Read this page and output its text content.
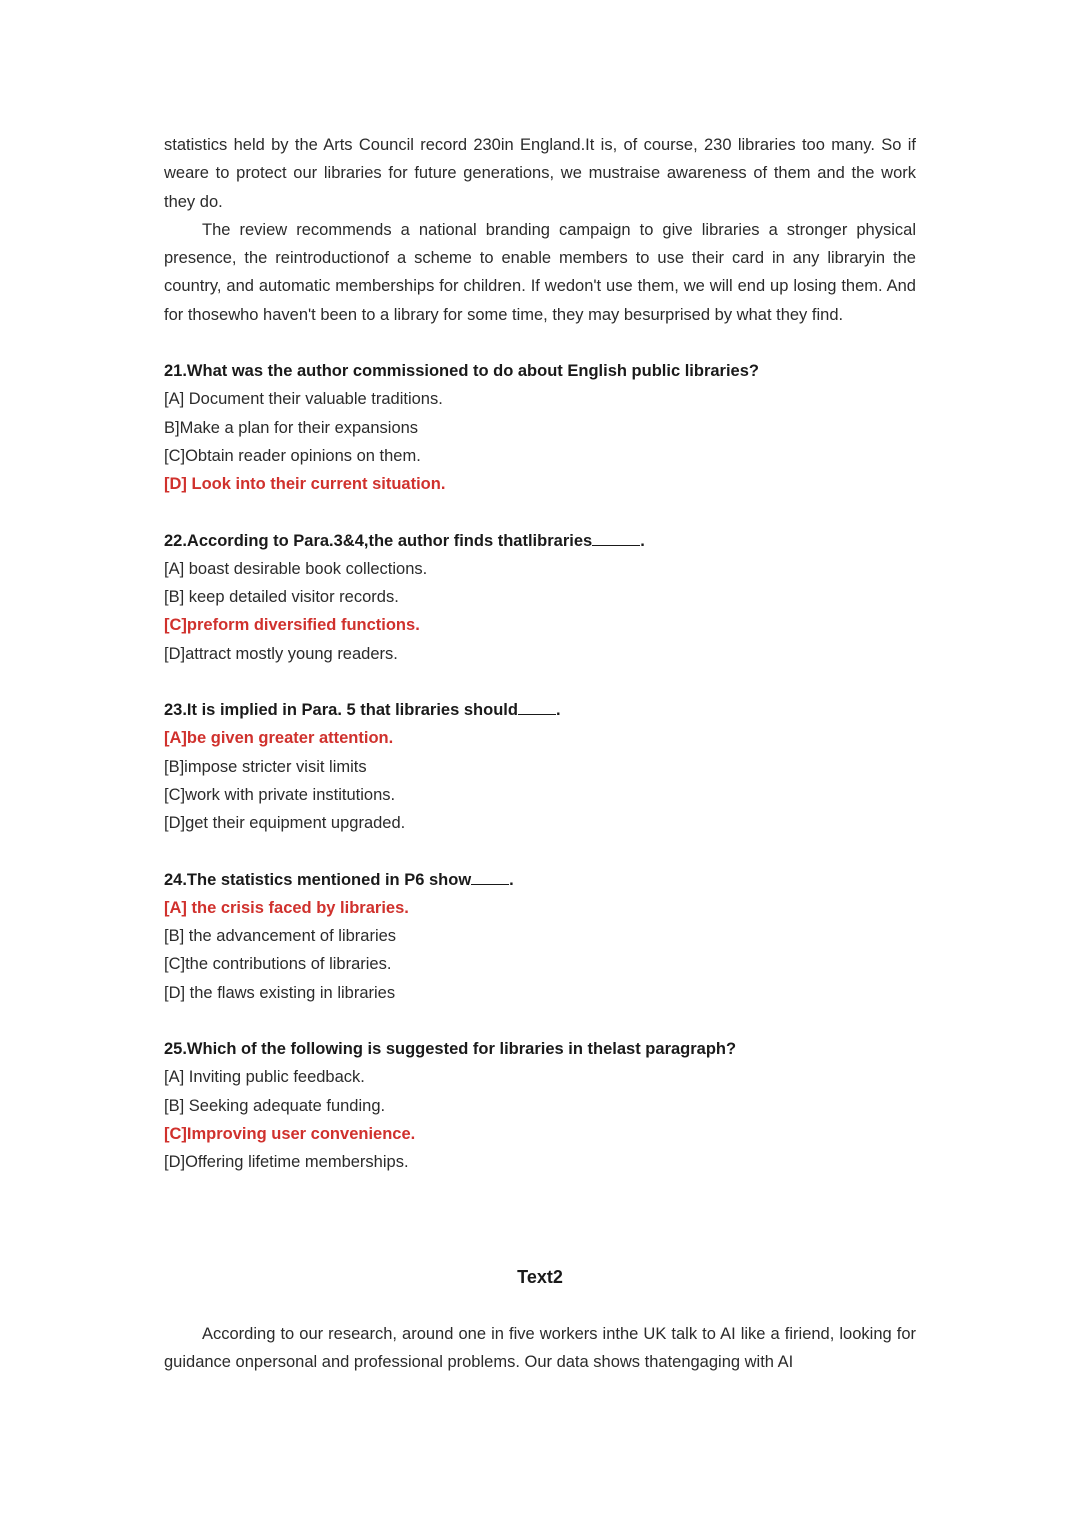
statistics held by the Arts Council record 230in England.It is, of course, 230 libraries too many. So if weare to protect our libraries for future generations, we mustraise awareness of them and the work they do.

The review recommends a national branding campaign to give libraries a stronger physical presence, the reintroductionof a scheme to enable members to use their card in any libraryin the country, and automatic memberships for children. If wedon't use them, we will end up losing them. And for thosewho haven't been to a library for some time, they may besurprised by what they find.

21.What was the author commissioned to do about English public libraries?

[A] Document their valuable traditions.

B]Make a plan for their expansions

[C]Obtain reader opinions on them.

[D] Look into their current situation.

22.According to Para.3&4,the author finds thatlibraries	.

[A] boast desirable book collections.

[B] keep detailed visitor records.

[C]preform diversified functions.

[D]attract mostly young readers.

23.It is implied in Para. 5 that libraries should .

[A]be given greater attention.

[B]impose stricter visit limits

[C]work with private institutions.

[D]get their equipment upgraded.

24.The statistics mentioned in P6 show .

[A] the crisis faced by libraries.

[B] the advancement of libraries

[C]the contributions of libraries.

[D] the flaws existing in libraries

25.Which of the following is suggested for libraries in thelast paragraph?

[A] Inviting public feedback.

[B] Seeking adequate funding.

[C]Improving user convenience.

[D]Offering lifetime memberships.

Text2

According to our research, around one in five workers inthe UK talk to AI like a firiend, looking for guidance onpersonal and professional problems. Our data shows thatengaging with AI
